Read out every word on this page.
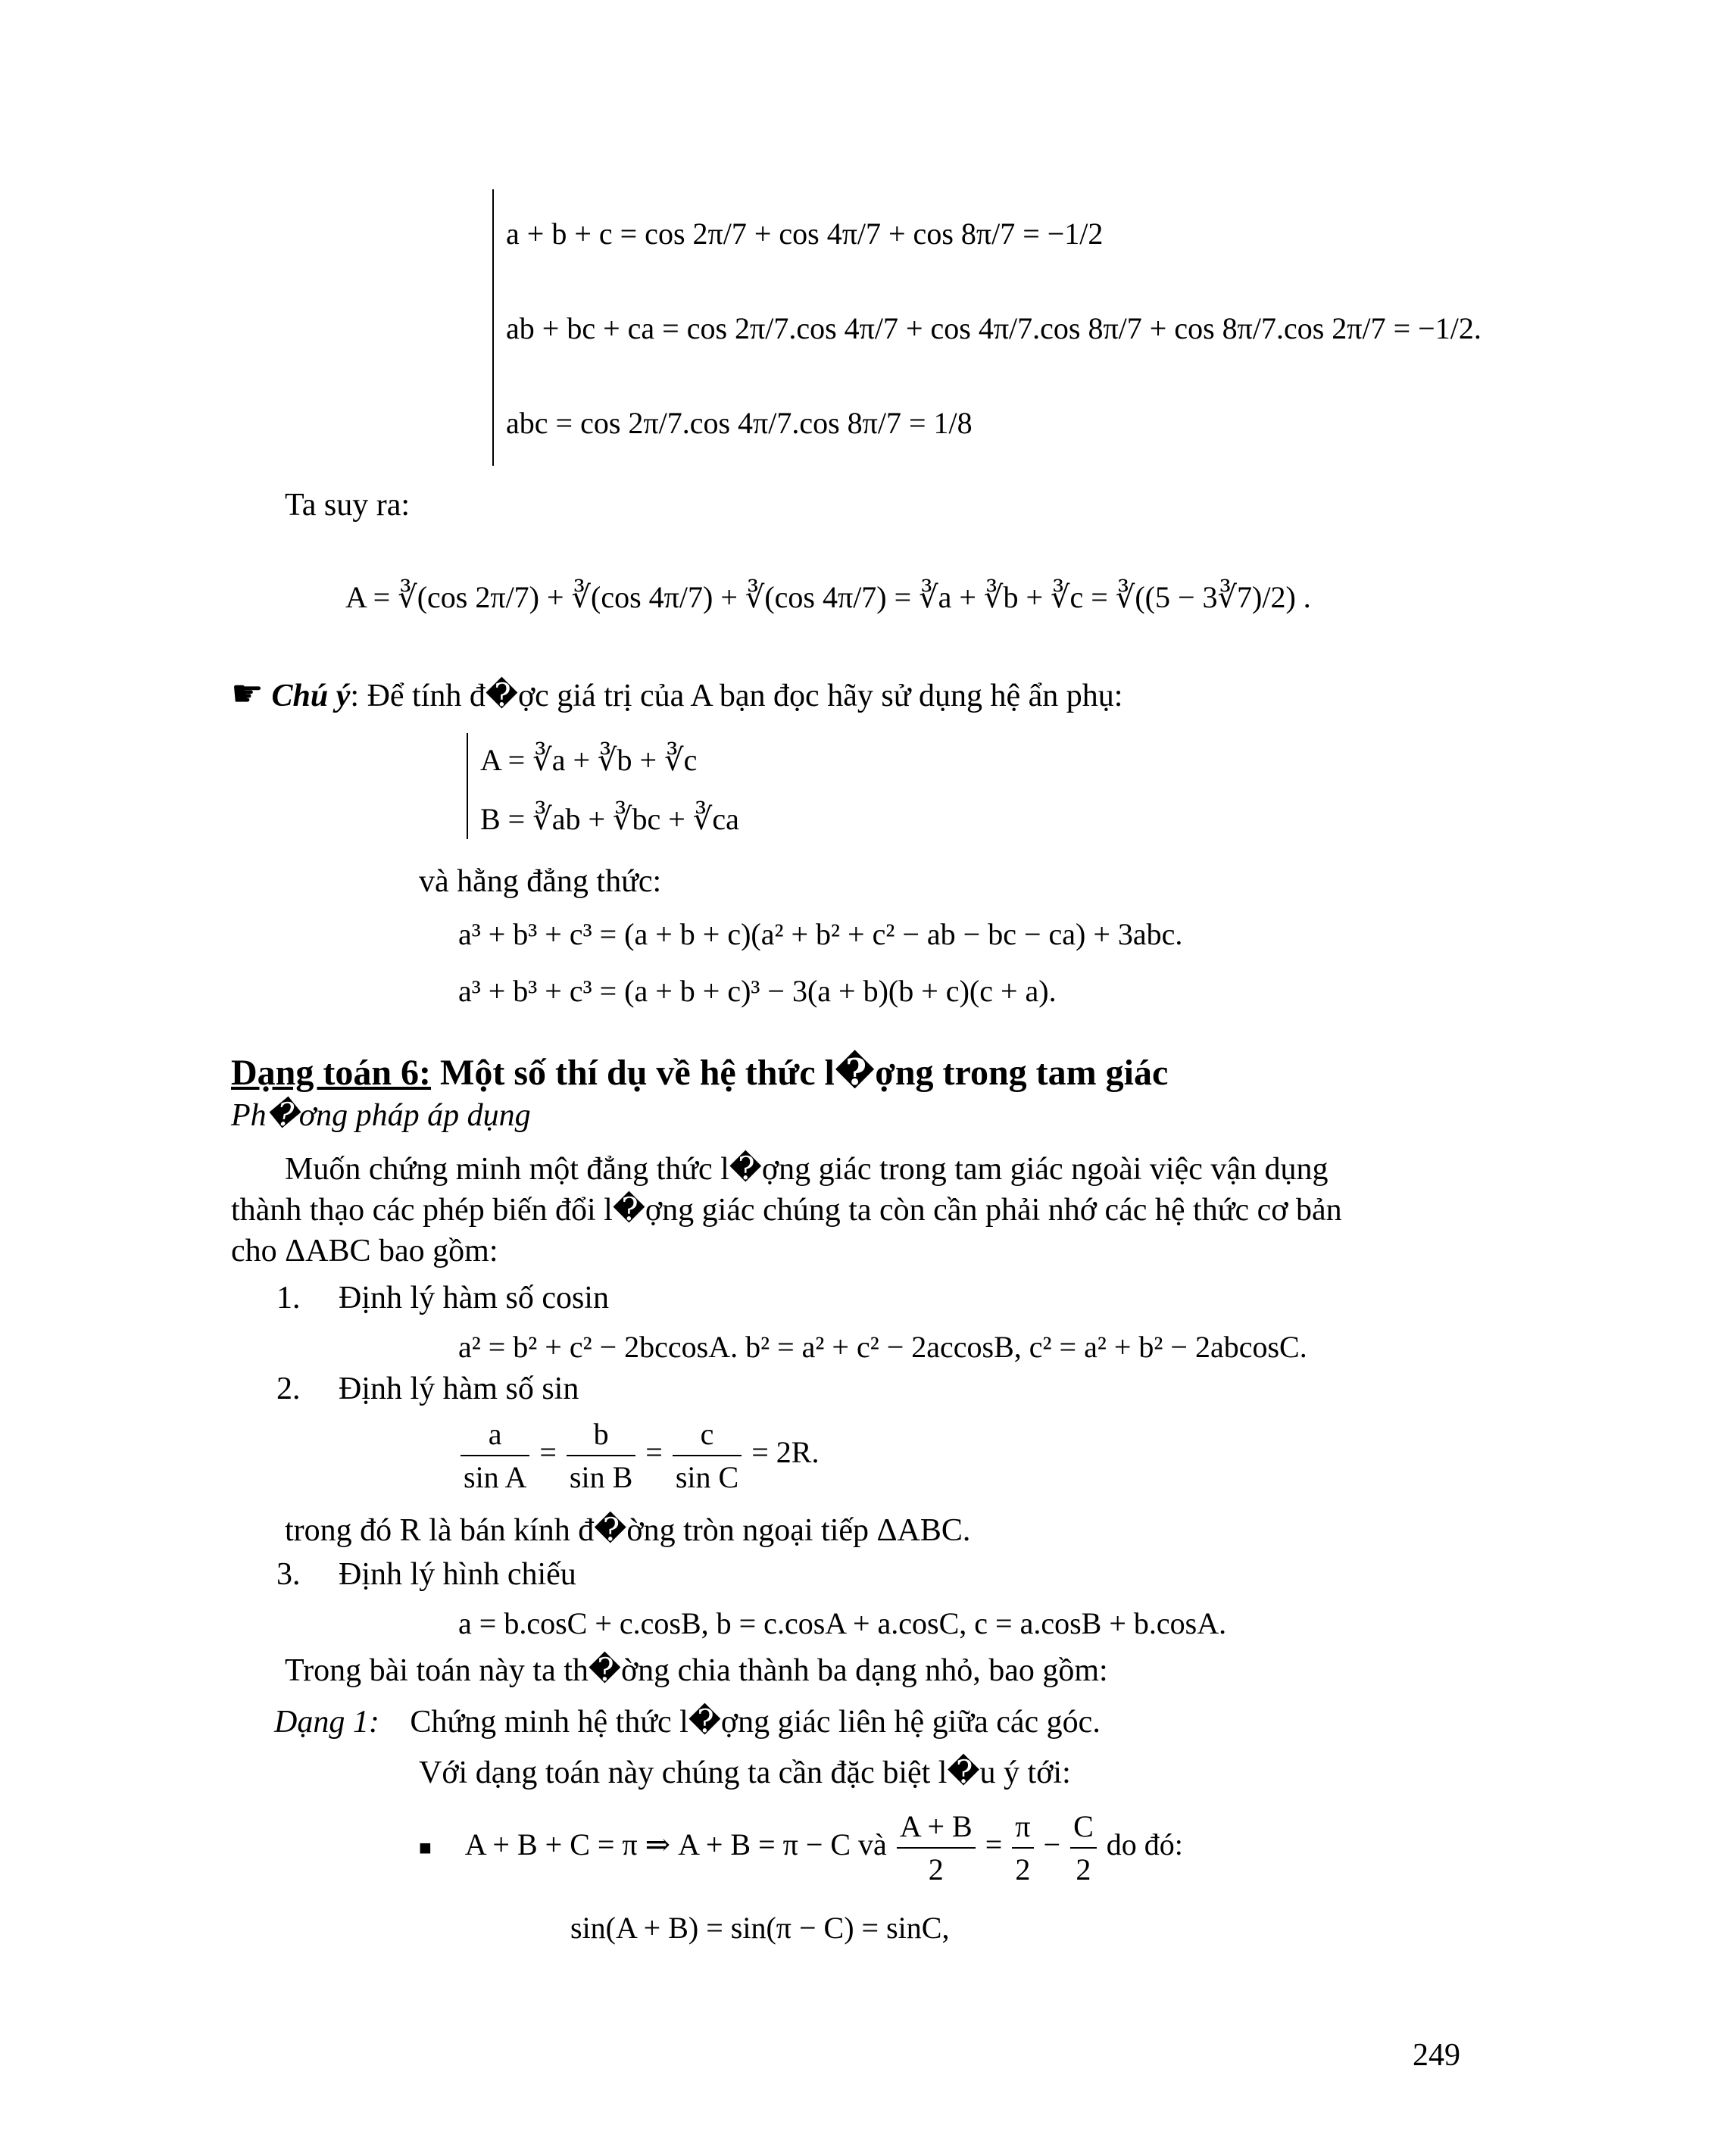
a + b + c = cos 2π/7 + cos 4π/7 + cos 8π/7 = −1/2
ab + bc + ca = cos 2π/7.cos 4π/7 + cos 4π/7.cos 8π/7 + cos 8π/7.cos 2π/7 = −1/2.
abc = cos 2π/7.cos 4π/7.cos 8π/7 = 1/8
Ta suy ra:
A = ∛(cos 2π/7) + ∛(cos 4π/7) + ∛(cos 4π/7) = ∛a + ∛b + ∛c = ∛((5 − 3∛7)/2) .
☛ Chú ý: Để tính đ�ợc giá trị của A bạn đọc hãy sử dụng hệ ẩn phụ:
A = ∛a + ∛b + ∛c
B = ∛ab + ∛bc + ∛ca
và hằng đẳng thức:
a³ + b³ + c³ = (a + b + c)(a² + b² + c² − ab − bc − ca) + 3abc.
a³ + b³ + c³ = (a + b + c)³ − 3(a + b)(b + c)(c + a).
Dạng toán 6: Một số thí dụ về hệ thức l�ợng trong tam giác
Ph�ơng pháp áp dụng
Muốn chứng minh một đẳng thức l�ợng giác trong tam giác ngoài việc vận dụng
thành thạo các phép biến đổi l�ợng giác chúng ta còn cần phải nhớ các hệ thức cơ bản
cho ΔABC bao gồm:
1. Định lý hàm số cosin
a² = b² + c² − 2bccosA. b² = a² + c² − 2accosB, c² = a² + b² − 2abcosC.
2. Định lý hàm số sin
$\frac{a}{\text{sin A}} = \frac{b}{\text{sin B}} = \frac{c}{\text{sin C}} = 2R$.
trong đó R là bán kính đ�ờng tròn ngoại tiếp ΔABC.
3. Định lý hình chiếu
a = b.cosC + c.cosB, b = c.cosA + a.cosC, c = a.cosB + b.cosA.
Trong bài toán này ta th�ờng chia thành ba dạng nhỏ, bao gồm:
Dạng 1: Chứng minh hệ thức l�ợng giác liên hệ giữa các góc.
Với dạng toán này chúng ta cần đặc biệt l�u ý tới:
■ A + B + C = π ⇒ A + B = π − C và $\frac{A + B}{2} = \frac{\pi}{2} - \frac{C}{2}$ do đó:
sin(A + B) = sin(π − C) = sinC,
249
